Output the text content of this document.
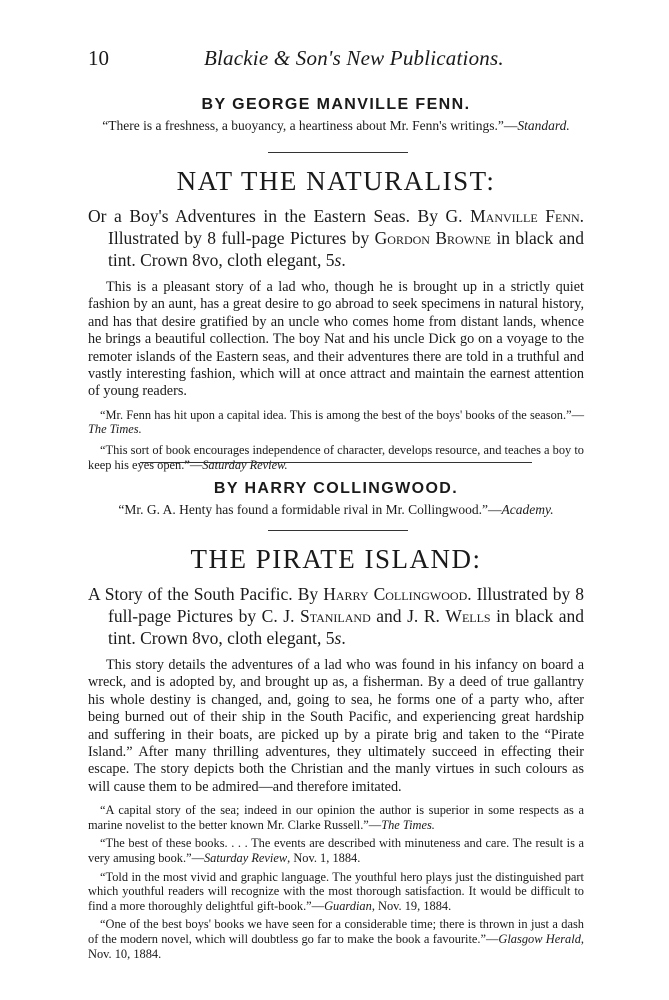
10	Blackie & Son's New Publications.

BY GEORGE MANVILLE FENN.

“There is a freshness, a buoyancy, a heartiness about Mr. Fenn's writings.”—Standard.

NAT THE NATURALIST:

Or a Boy's Adventures in the Eastern Seas. By G. Manville Fenn. Illustrated by 8 full-page Pictures by Gordon Browne in black and tint. Crown 8vo, cloth elegant, 5s.

This is a pleasant story of a lad who, though he is brought up in a strictly quiet fashion by an aunt, has a great desire to go abroad to seek specimens in natural history, and has that desire gratified by an uncle who comes home from distant lands, whence he brings a beautiful collection. The boy Nat and his uncle Dick go on a voyage to the remoter islands of the Eastern seas, and their adventures there are told in a truthful and vastly interesting fashion, which will at once attract and maintain the earnest attention of young readers.

“Mr. Fenn has hit upon a capital idea. This is among the best of the boys' books of the season.”—The Times.

“This sort of book encourages independence of character, develops resource, and teaches a boy to keep his eyes open.”—Saturday Review.

BY HARRY COLLINGWOOD.

“Mr. G. A. Henty has found a formidable rival in Mr. Collingwood.”—Academy.

THE PIRATE ISLAND:

A Story of the South Pacific. By Harry Collingwood. Illustrated by 8 full-page Pictures by C. J. Staniland and J. R. Wells in black and tint. Crown 8vo, cloth elegant, 5s.

This story details the adventures of a lad who was found in his infancy on board a wreck, and is adopted by, and brought up as, a fisherman. By a deed of true gallantry his whole destiny is changed, and, going to sea, he forms one of a party who, after being burned out of their ship in the South Pacific, and experiencing great hardship and suffering in their boats, are picked up by a pirate brig and taken to the “Pirate Island.” After many thrilling adventures, they ultimately succeed in effecting their escape. The story depicts both the Christian and the manly virtues in such colours as will cause them to be admired—and therefore imitated.

“A capital story of the sea; indeed in our opinion the author is superior in some respects as a marine novelist to the better known Mr. Clarke Russell.”—The Times.

“The best of these books. . . . The events are described with minuteness and care. The result is a very amusing book.”—Saturday Review, Nov. 1, 1884.

“Told in the most vivid and graphic language. The youthful hero plays just the distinguished part which youthful readers will recognize with the most thorough satisfaction. It would be difficult to find a more thoroughly delightful gift-book.”—Guardian, Nov. 19, 1884.

“One of the best boys' books we have seen for a considerable time; there is thrown in just a dash of the modern novel, which will doubtless go far to make the book a favourite.”—Glasgow Herald, Nov. 10, 1884.
